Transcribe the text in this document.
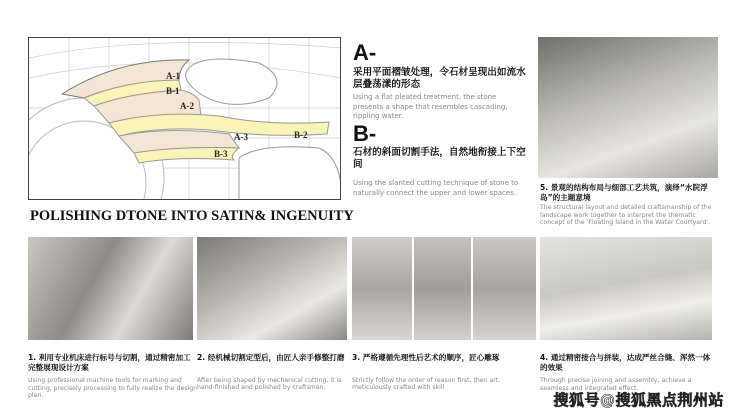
A-1
B-1
A-2
A-3	B-2
B-3
POLISHING DTONE INTO SATIN& INGENUITY
A-
采用平面褶皱处理，令石材呈现出如流水层叠荡漾的形态
Using a flat pleated treatment, the stone presents a shape that resembles cascading, rippling water.
B-
石材的斜面切割手法，自然地衔接上下空间
Using the slanted cutting technique of stone to naturally connect the upper and lower spaces.
5. 景观的结构布局与细部工艺共筑，演绎“水院浮岛”的主题意境
The structural layout and detailed craftsmanship of the landscape work together to interpret the thematic concept of the 'Floating Island in the Water Courtyard'.
1. 利用专业机床进行标号与切割，通过精密加工完整展现设计方案
Using professional machine tools for marking and cutting, precisely processing to fully realize the design plan.
2. 经机械切割定型后，由匠人亲手修整打磨
After being shaped by mechanical cutting, it is hand-finished and polished by craftsmen.
3. 严格遵循先理性后艺术的顺序，匠心雕琢
Strictly follow the order of reason first, then art, meticulously crafted with skill
4. 通过精密接合与拼装，达成严丝合缝、浑然一体的效果
Through precise joining and assembly, achieve a seamless and integrated effect.
搜狐号@搜狐黑点荆州站
